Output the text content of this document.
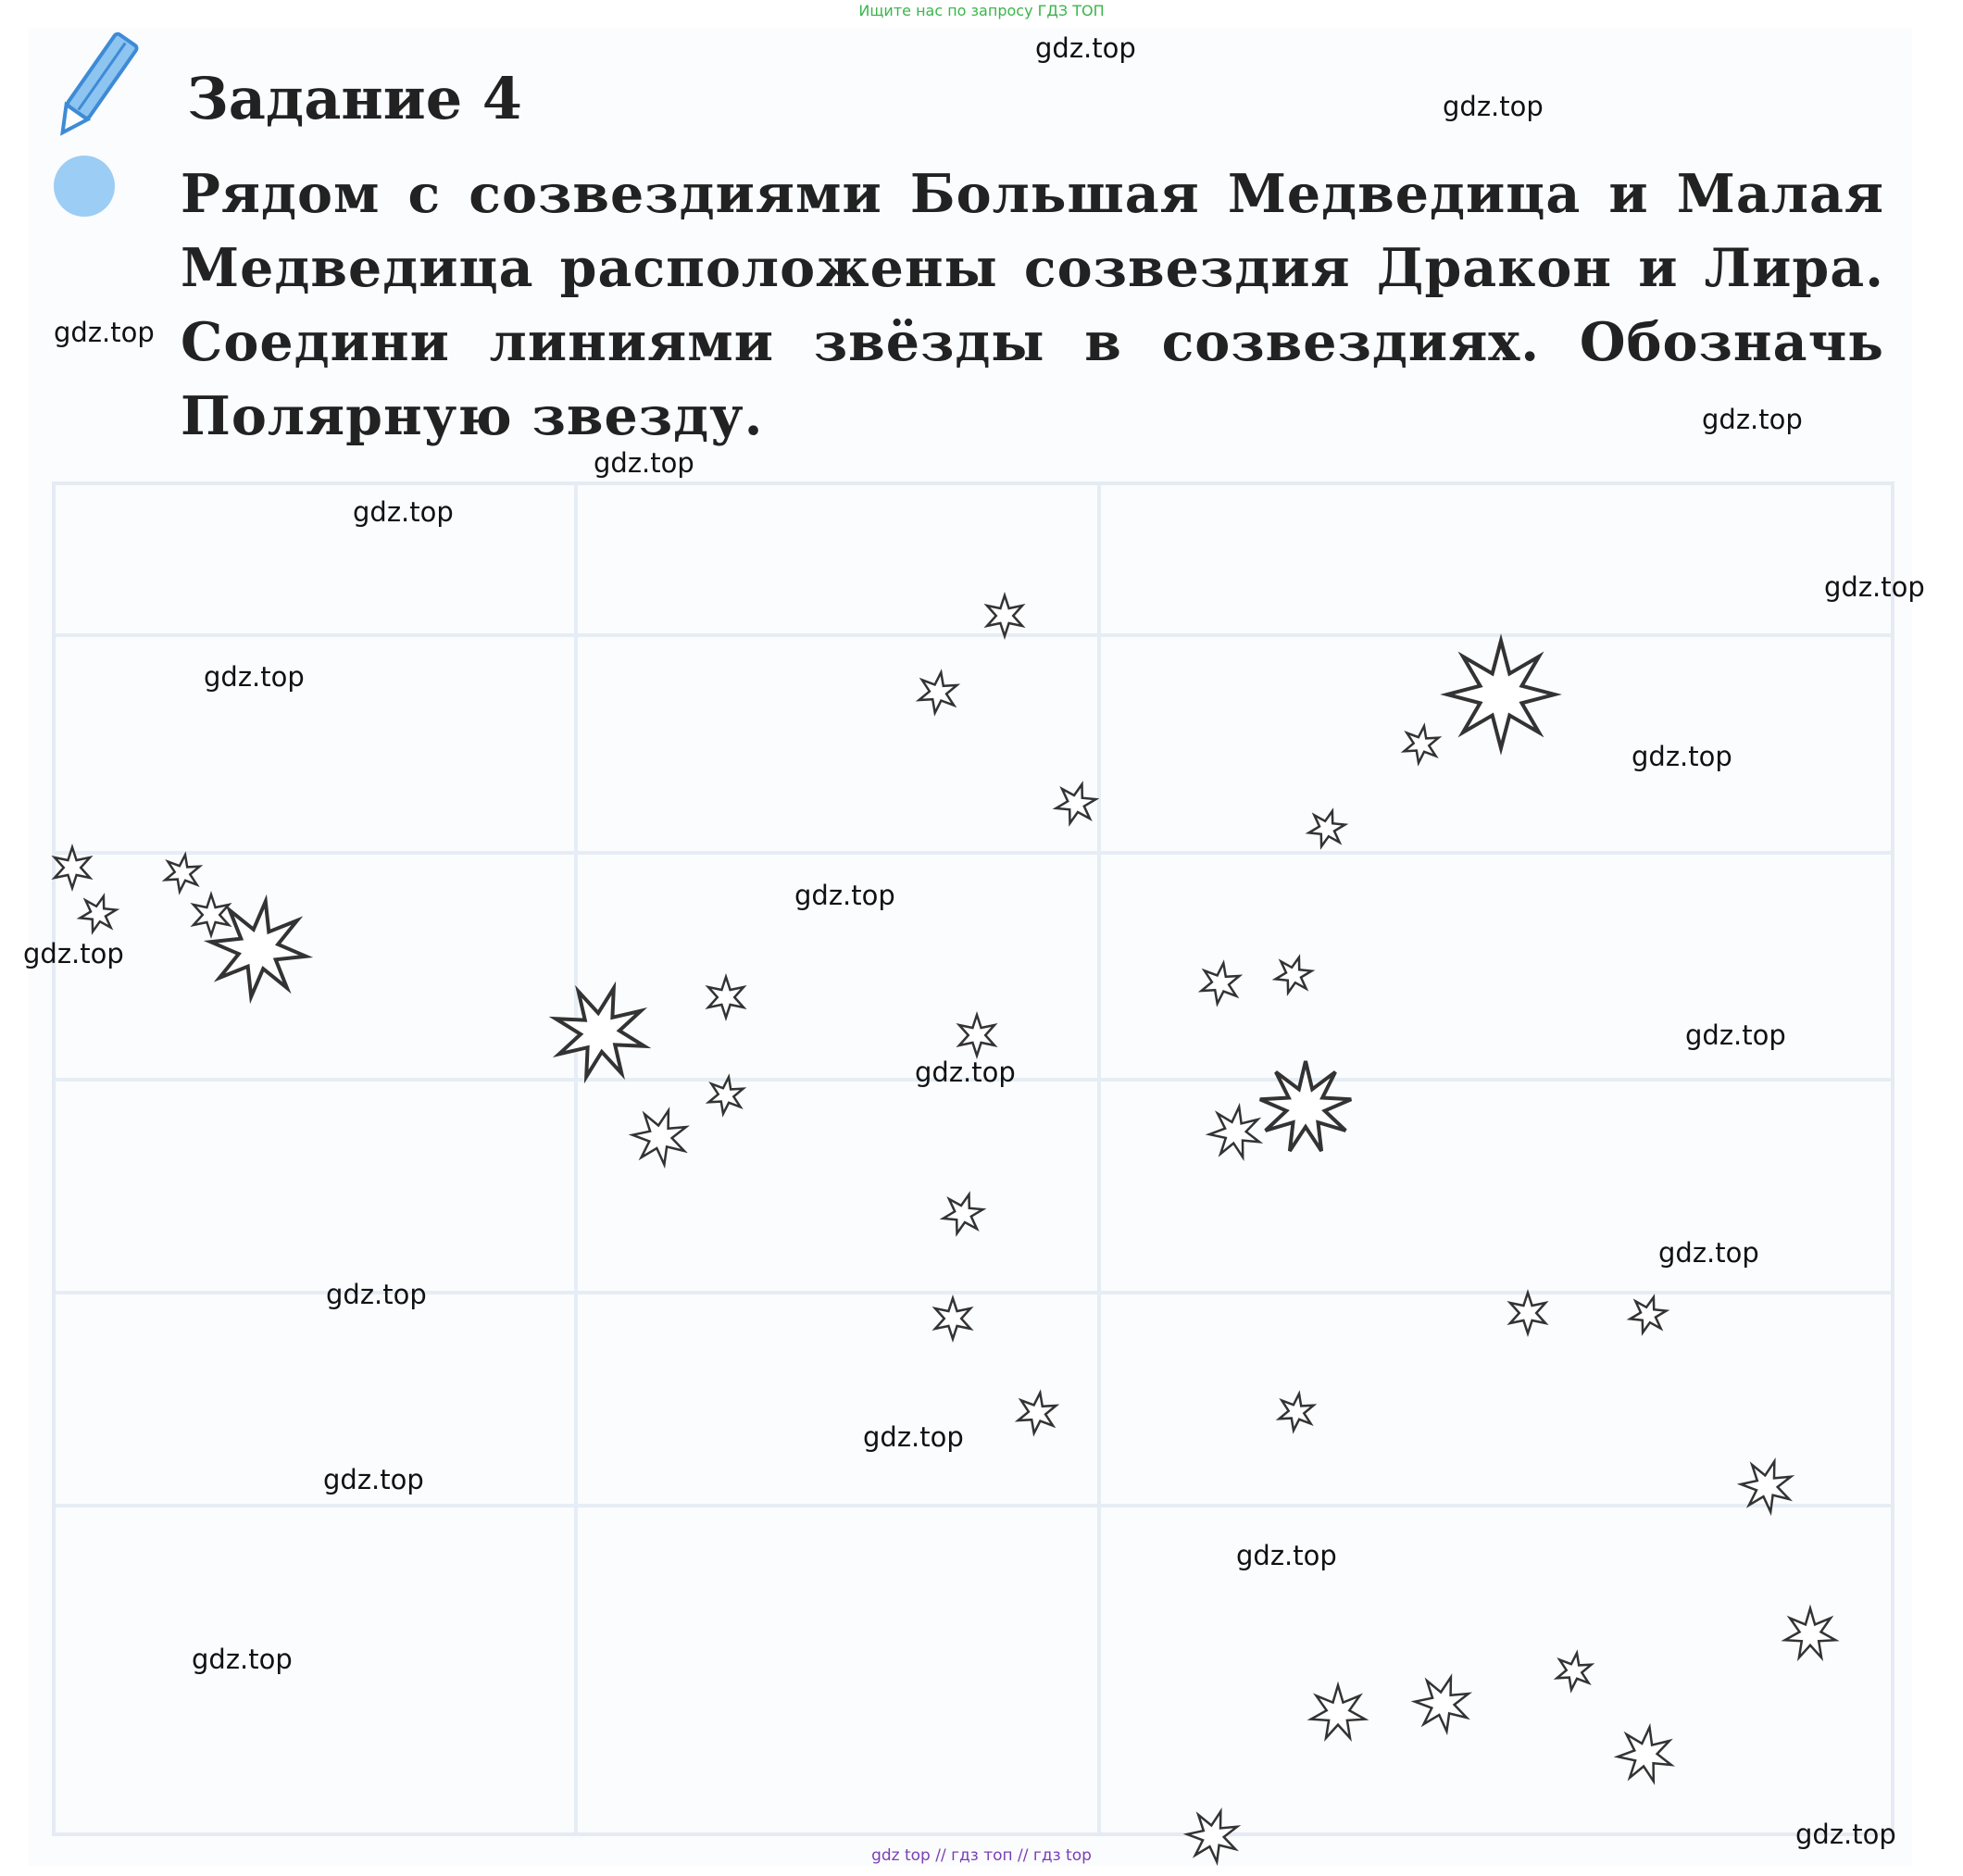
Ищите нас по запросу ГДЗ ТОП
Задание 4
Рядом с созвездиями Большая Медведица и Малая Медведица расположены созвездия Дракон и Лира. Соедини линиями звёзды в созвездиях. Обозначь Полярную звезду.
gdz.top
gdz.top
gdz.top
gdz.top
gdz.top
gdz.top
gdz.top
gdz.top
gdz.top
gdz.top
gdz.top
gdz.top
gdz.top
gdz.top
gdz.top
gdz.top
gdz.top
gdz.top
gdz.top
gdz.top
gdz top // гдз топ // гдз top
